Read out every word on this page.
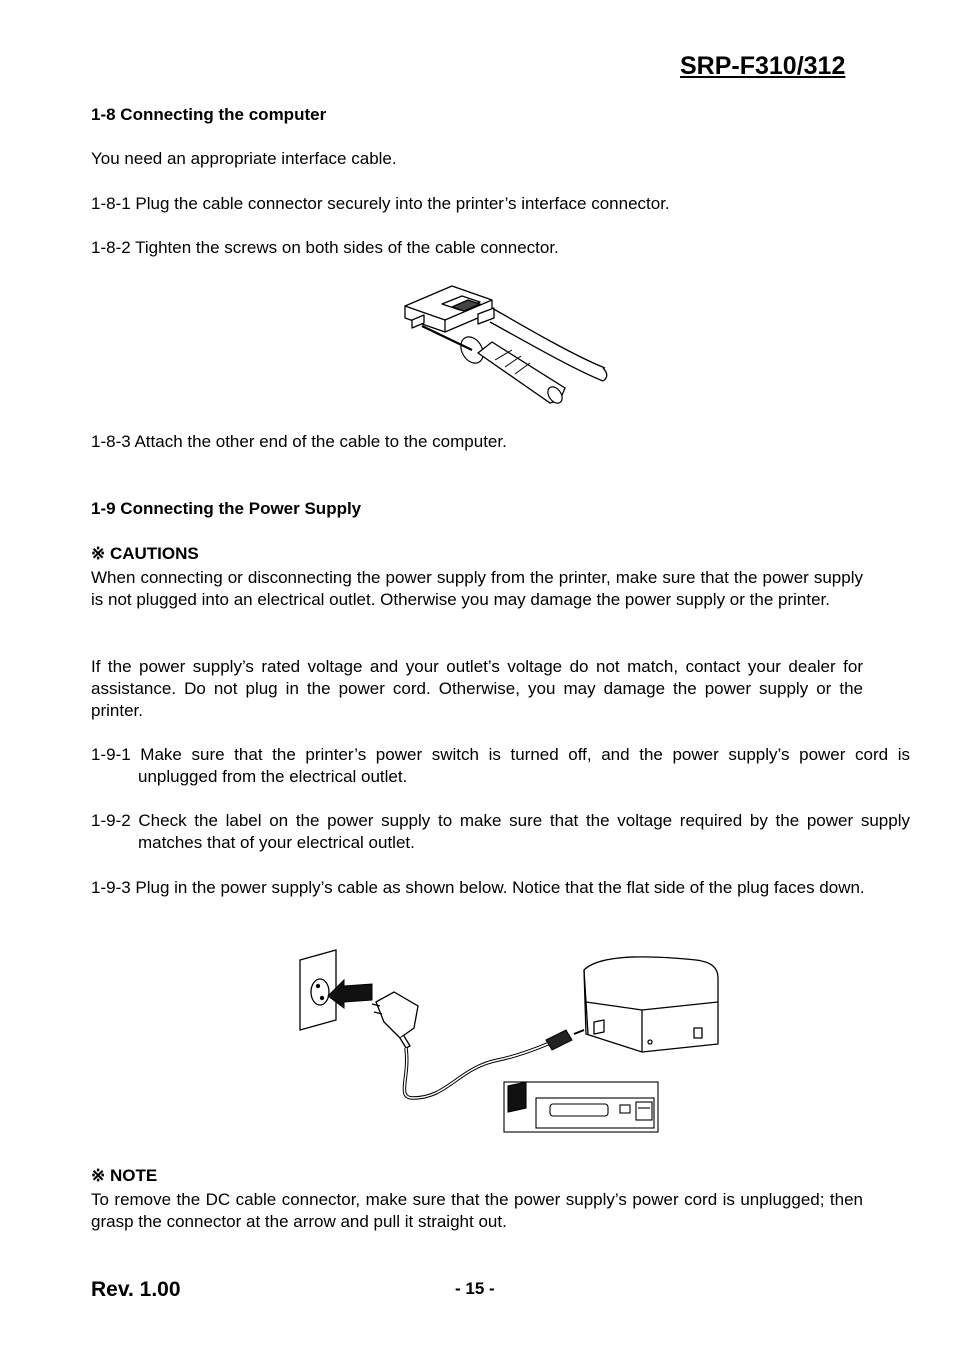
SRP-F310/312
1-8 Connecting the computer
You need an appropriate interface cable.
1-8-1 Plug the cable connector securely into the printer’s interface connector.
1-8-2 Tighten the screws on both sides of the cable connector.
1-8-3 Attach the other end of the cable to the computer.
1-9 Connecting the Power Supply
※ CAUTIONS
When connecting or disconnecting the power supply from the printer, make sure that the power supply is not plugged into an electrical outlet. Otherwise you may damage the power supply or the printer.
If the power supply’s rated voltage and your outlet’s voltage do not match, contact your dealer for assistance. Do not plug in the power cord. Otherwise, you may damage the power supply or the printer.
1-9-1 Make sure that the printer’s power switch is turned off, and the power supply’s power cord is unplugged from the electrical outlet.
1-9-2 Check the label on the power supply to make sure that the voltage required by the power supply matches that of your electrical outlet.
1-9-3 Plug in the power supply’s cable as shown below. Notice that the flat side of the plug faces down.
※ NOTE
To remove the DC cable connector, make sure that the power supply’s power cord is unplugged; then grasp the connector at the arrow and pull it straight out.
Rev. 1.00	- 15 -
